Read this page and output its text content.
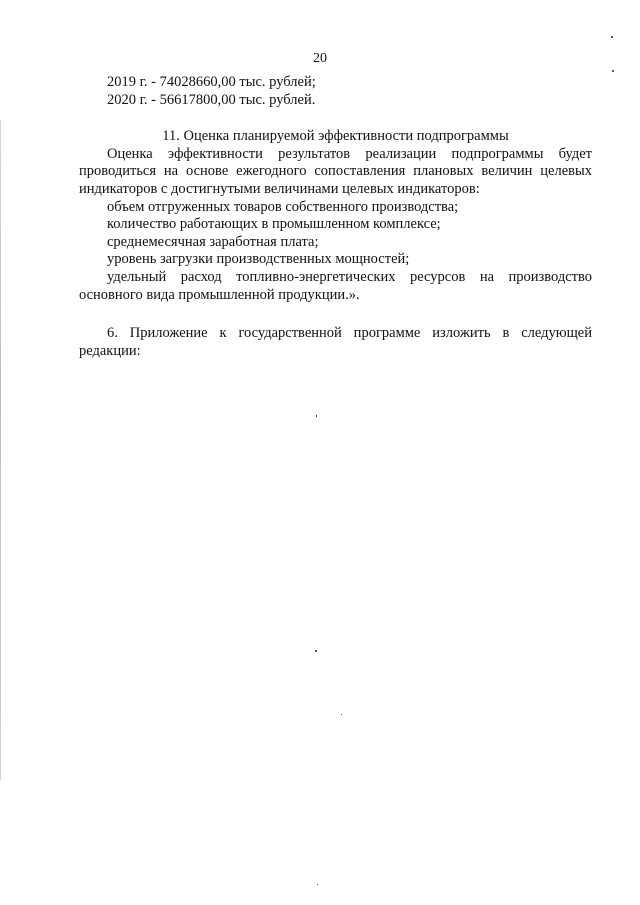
20

2019 г. - 74028660,00 тыс. рублей;

2020 г. - 56617800,00 тыс. рублей.

11. Оценка планируемой эффективности подпрограммы

Оценка эффективности результатов реализации подпрограммы будет

проводиться на основе ежегодного сопоставления плановых величин целевых

индикаторов с достигнутыми величинами целевых индикаторов:

объем отгруженных товаров собственного производства;

количество работающих в промышленном комплексе;

среднемесячная заработная плата;

уровень загрузки производственных мощностей;

удельный расход топливно-энергетических ресурсов на производство

основного вида промышленной продукции.».

6. Приложение к государственной программе изложить в следующей

редакции:
